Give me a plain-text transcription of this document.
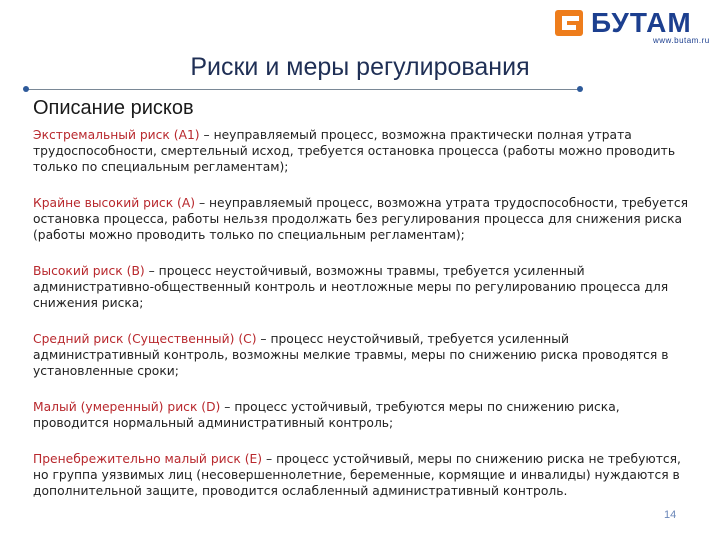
БУТАМ
www.butam.ru
Риски и меры регулирования
Описание рисков

Экстремальный риск (А1) – неуправляемый процесс, возможна практически полная утрата трудоспособности, смертельный исход, требуется остановка процесса (работы можно проводить только по специальным регламентам);

Крайне высокий риск (А) – неуправляемый процесс, возможна утрата трудоспособности, требуется остановка процесса, работы нельзя продолжать без регулирования процесса для снижения риска (работы можно проводить только по специальным регламентам);

Высокий риск (В) – процесс неустойчивый, возможны травмы, требуется усиленный административно-общественный контроль и неотложные меры по регулированию процесса для снижения риска;

Средний риск (Существенный) (С) – процесс неустойчивый, требуется усиленный административный контроль, возможны мелкие травмы, меры по снижению риска проводятся в установленные сроки;

Малый (умеренный) риск (D) – процесс устойчивый, требуются меры по снижению риска, проводится нормальный административный контроль;

Пренебрежительно малый риск (Е) – процесс устойчивый, меры по снижению риска не требуются, но группа уязвимых лиц (несовершеннолетние, беременные, кормящие и инвалиды) нуждаются в дополнительной защите, проводится ослабленный административный контроль.

14
